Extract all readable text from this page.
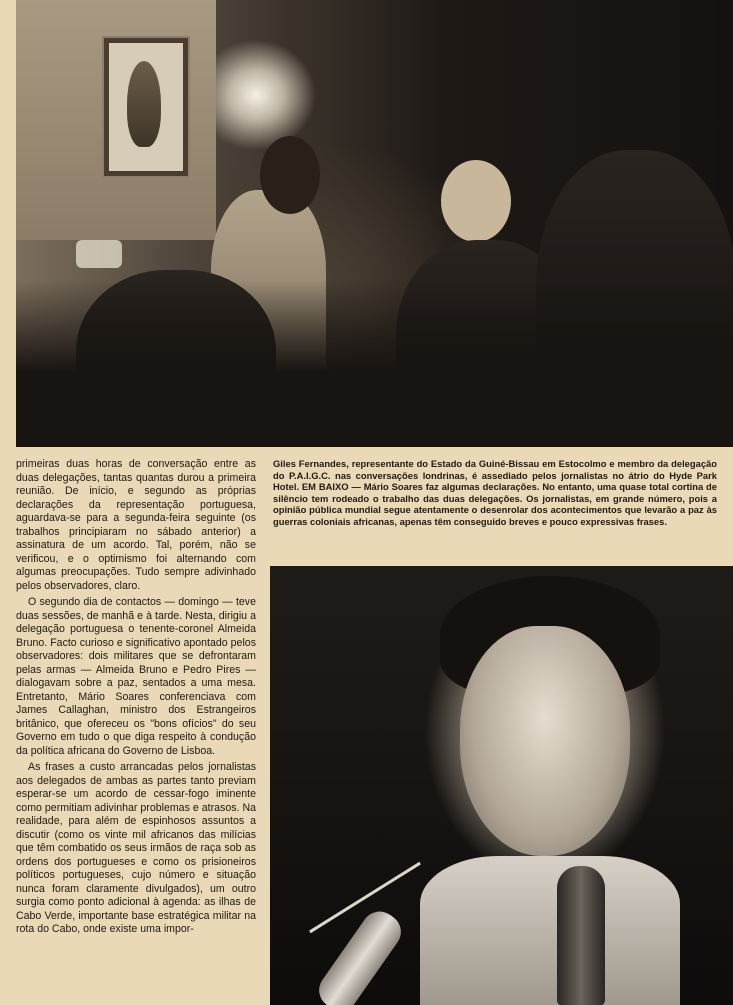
Giles Fernandes, representante do Estado da Guiné-Bissau em Estocolmo e membro da delegação do P.A.I.G.C. nas conversações londrinas, é assediado pelos jornalistas no átrio do Hyde Park Hotel. EM BAIXO — Mário Soares faz algumas declarações. No entanto, uma quase total cortina de silêncio tem rodeado o trabalho das duas delegações. Os jornalistas, em grande número, pois a opinião pública mundial segue atentamente o desenrolar dos acontecimentos que levarão a paz às guerras coloniais africanas, apenas têm conseguido breves e pouco expressivas frases.

primeiras duas horas de conversação entre as duas delegações, tantas quantas durou a primeira reunião. De início, e segundo as próprias declarações da representação portuguesa, aguardava-se para a segunda-feira seguinte (os trabalhos principiaram no sábado anterior) a assinatura de um acordo. Tal, porém, não se verificou, e o optimismo foi alternando com algumas preocupações. Tudo sempre adivinhado pelos observadores, claro.

O segundo dia de contactos — domingo — teve duas sessões, de manhã e à tarde. Nesta, dirigiu a delegação portuguesa o tenente-coronel Almeida Bruno. Facto curioso e significativo apontado pelos observadores: dois militares que se defrontaram pelas armas — Almeida Bruno e Pedro Pires — dialogavam sobre a paz, sentados a uma mesa. Entretanto, Mário Soares conferenciava com James Callaghan, ministro dos Estrangeiros britânico, que ofereceu os "bons ofícios" do seu Governo em tudo o que diga respeito à condução da política africana do Governo de Lisboa.

As frases a custo arrancadas pelos jornalistas aos delegados de ambas as partes tanto previam esperar-se um acordo de cessar-fogo iminente como permitiam adivinhar problemas e atrasos. Na realidade, para além de espinhosos assuntos a discutir (como os vinte mil africanos das milícias que têm combatido os seus irmãos de raça sob as ordens dos portugueses e como os prisioneiros políticos portugueses, cujo número e situação nunca foram claramente divulgados), um outro surgia como ponto adicional à agenda: as ilhas de Cabo Verde, importante base estratégica militar na rota do Cabo, onde existe uma impor-
